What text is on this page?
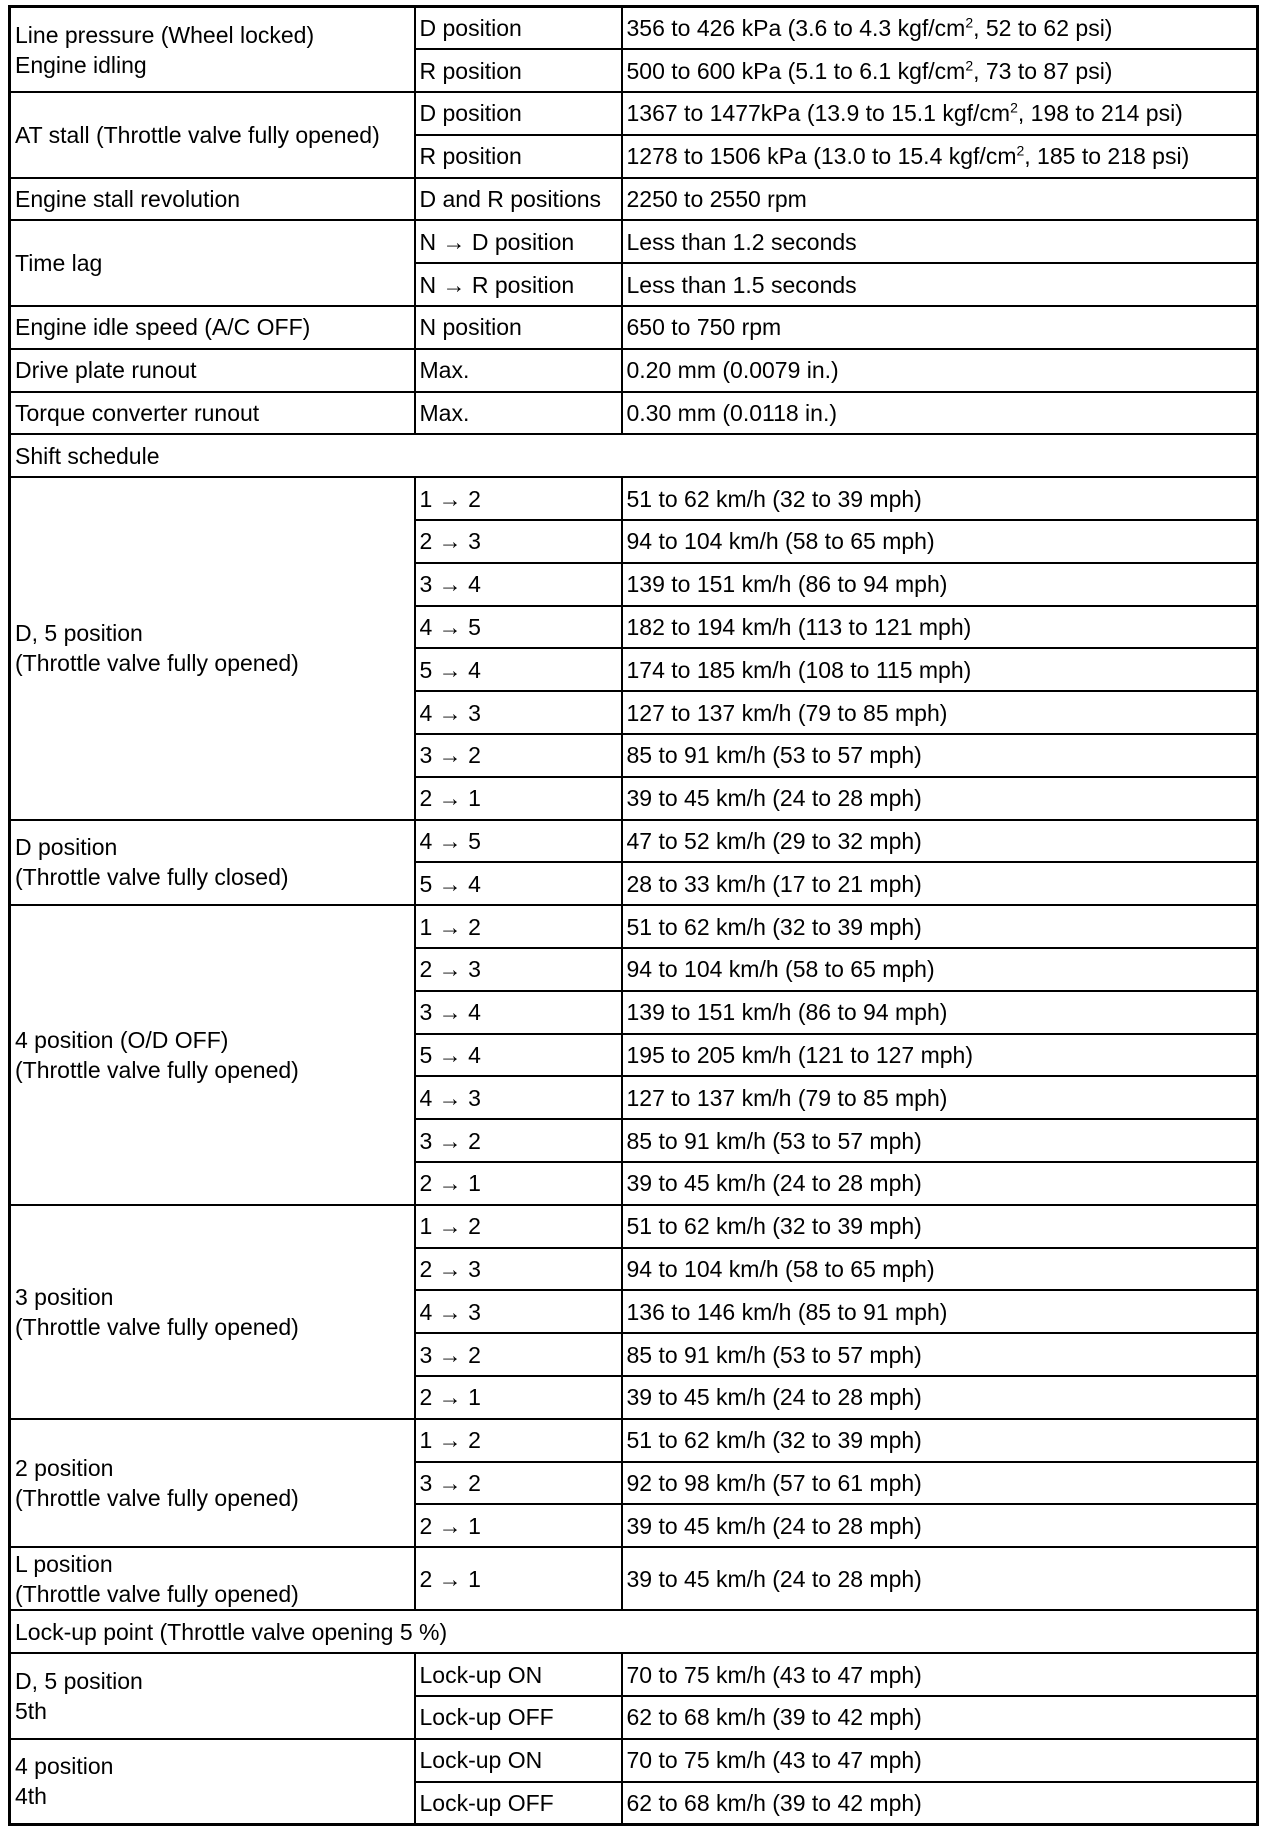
Line pressure (Wheel locked)
Engine idling	D position	356 to 426 kPa (3.6 to 4.3 kgf/$cm^2$, 52 to 62 psi)
	R position	500 to 600 kPa (5.1 to 6.1 kgf/$cm^2$, 73 to 87 psi)
AT stall (Throttle valve fully opened)	D position	1367 to 1477kPa (13.9 to 15.1 kgf/$cm^2$, 198 to 214 psi)
	R position	1278 to 1506 kPa (13.0 to 15.4 kgf/$cm^2$, 185 to 218 psi)
Engine stall revolution	D and R positions	2250 to 2550 rpm
Time lag	N → D position	Less than 1.2 seconds
	N → R position	Less than 1.5 seconds
Engine idle speed (A/C OFF)	N position	650 to 750 rpm
Drive plate runout	Max.	0.20 mm (0.0079 in.)
Torque converter runout	Max.	0.30 mm (0.0118 in.)
Shift schedule		

D, 5 position
(Throttle valve fully opened)	1 → 2	51 to 62 km/h (32 to 39 mph)
	2 → 3	94 to 104 km/h (58 to 65 mph)
	3 → 4	139 to 151 km/h (86 to 94 mph)
	4 → 5	182 to 194 km/h (113 to 121 mph)
	5 → 4	174 to 185 km/h (108 to 115 mph)
	4 → 3	127 to 137 km/h (79 to 85 mph)
	3 → 2	85 to 91 km/h (53 to 57 mph)
	2 → 1	39 to 45 km/h (24 to 28 mph)

D position
(Throttle valve fully closed)	4 → 5	47 to 52 km/h (29 to 32 mph)
	5 → 4	28 to 33 km/h (17 to 21 mph)

4 position (O/D OFF)
(Throttle valve fully opened)	1 → 2	51 to 62 km/h (32 to 39 mph)
	2 → 3	94 to 104 km/h (58 to 65 mph)
	3 → 4	139 to 151 km/h (86 to 94 mph)
	5 → 4	195 to 205 km/h (121 to 127 mph)
	4 → 3	127 to 137 km/h (79 to 85 mph)
	3 → 2	85 to 91 km/h (53 to 57 mph)
	2 → 1	39 to 45 km/h (24 to 28 mph)

3 position
(Throttle valve fully opened)	1 → 2	51 to 62 km/h (32 to 39 mph)
	2 → 3	94 to 104 km/h (58 to 65 mph)
	4 → 3	136 to 146 km/h (85 to 91 mph)
	3 → 2	85 to 91 km/h (53 to 57 mph)
	2 → 1	39 to 45 km/h (24 to 28 mph)

2 position
(Throttle valve fully opened)	1 → 2	51 to 62 km/h (32 to 39 mph)
	3 → 2	92 to 98 km/h (57 to 61 mph)
	2 → 1	39 to 45 km/h (24 to 28 mph)

L position
(Throttle valve fully opened)	2 → 1	39 to 45 km/h (24 to 28 mph)
Lock-up point (Throttle valve opening 5 %)		

D, 5 position
5th	Lock-up ON	70 to 75 km/h (43 to 47 mph)
	Lock-up OFF	62 to 68 km/h (39 to 42 mph)

4 position
4th	Lock-up ON	70 to 75 km/h (43 to 47 mph)
	Lock-up OFF	62 to 68 km/h (39 to 42 mph)
